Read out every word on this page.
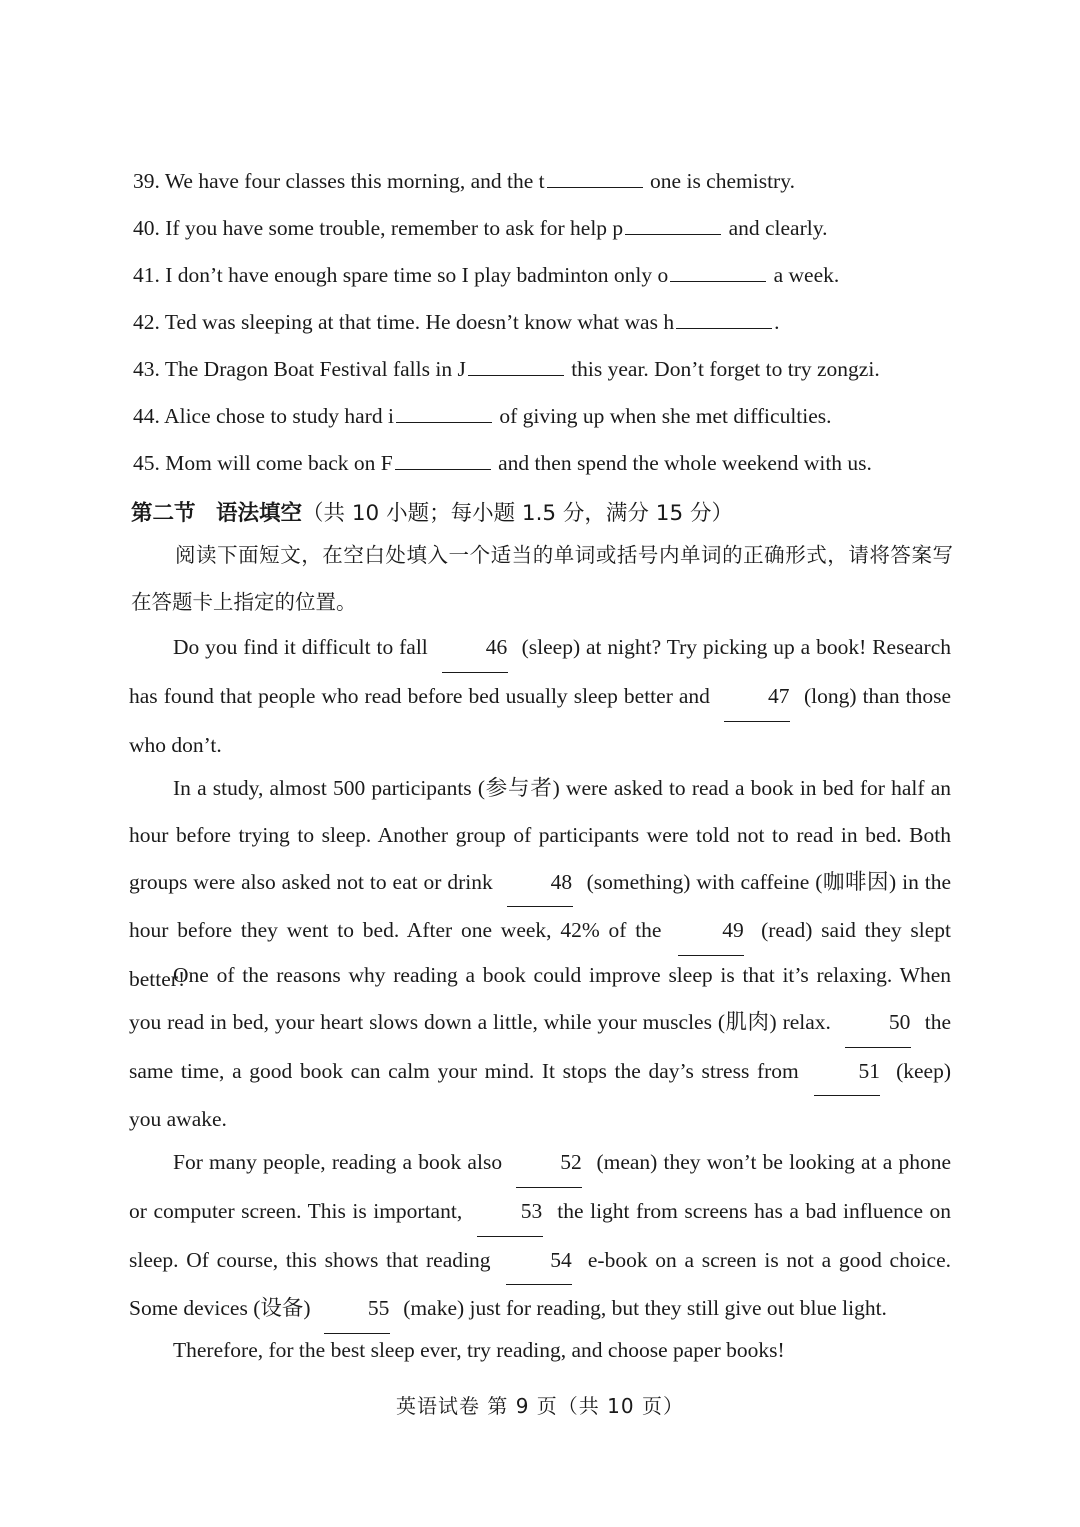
39. We have four classes this morning, and the t	one is chemistry.
40. If you have some trouble, remember to ask for help p	and clearly.
41. I don’t have enough spare time so I play badminton only o	a week.
42. Ted was sleeping at that time. He doesn’t know what was h	.
43. The Dragon Boat Festival falls in J	this year. Don’t forget to try zongzi.
44. Alice chose to study hard i	of giving up when she met difficulties.
45. Mom will come back on F	and then spend the whole weekend with us.
第二节 语法填空（共 10 小题；每小题 1.5 分，满分 15 分）
阅读下面短文，在空白处填入一个适当的单词或括号内单词的正确形式，请将答案写在答题卡上指定的位置。
Do you find it difficult to fall	46 (sleep) at night? Try picking up a book! Research has found that people who read before bed usually sleep better and	47 (long) than those who don’t.
In a study, almost 500 participants (参与者) were asked to read a book in bed for half an hour before trying to sleep. Another group of participants were told not to read in bed. Both groups were also asked not to eat or drink	48 (something) with caffeine (咖啡因) in the hour before they went to bed. After one week, 42% of the	49 (read) said they slept better!
One of the reasons why reading a book could improve sleep is that it’s relaxing. When you read in bed, your heart slows down a little, while your muscles (肌肉) relax.	50 the same time, a good book can calm your mind. It stops the day’s stress from	51 (keep) you awake.
For many people, reading a book also	52 (mean) they won’t be looking at a phone or computer screen. This is important,	53 the light from screens has a bad influence on sleep. Of course, this shows that reading	54 e-book on a screen is not a good choice. Some devices (设备)	55 (make) just for reading, but they still give out blue light.
Therefore, for the best sleep ever, try reading, and choose paper books!
英语试卷 第 9 页（共 10 页）
